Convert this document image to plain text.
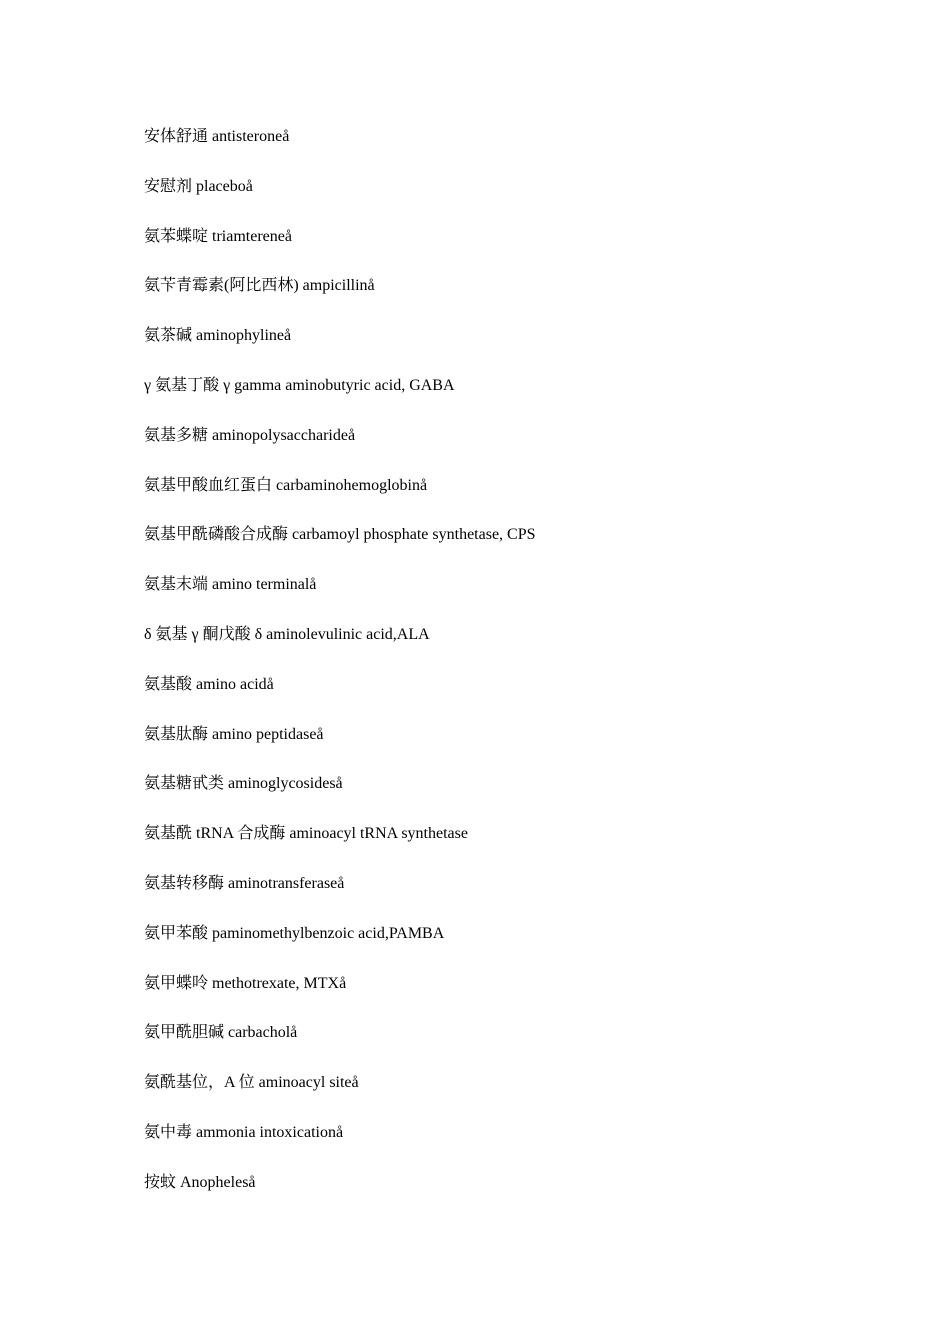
安体舒通 antisteroneå
安慰剂 placeboå
氨苯蝶啶 triamtereneå
氨苄青霉素(阿比西林) ampicillinå
氨茶碱 aminophylineå
γ 氨基丁酸 γ gamma aminobutyric acid, GABA
氨基多糖 aminopolysaccharideå
氨基甲酸血红蛋白 carbaminohemoglobinå
氨基甲酰磷酸合成酶 carbamoyl phosphate synthetase, CPS
氨基末端 amino terminalå
δ 氨基 γ 酮戊酸 δ aminolevulinic acid,ALA
氨基酸 amino acidå
氨基肽酶 amino peptidaseå
氨基糖甙类 aminoglycosideså
氨基酰 tRNA 合成酶 aminoacyl tRNA synthetase
氨基转移酶 aminotransferaseå
氨甲苯酸 paminomethylbenzoic acid,PAMBA
氨甲蝶呤 methotrexate, MTXå
氨甲酰胆碱 carbacholå
氨酰基位，A 位 aminoacyl siteå
氨中毒 ammonia intoxicationå
按蚊 Anopheleså
